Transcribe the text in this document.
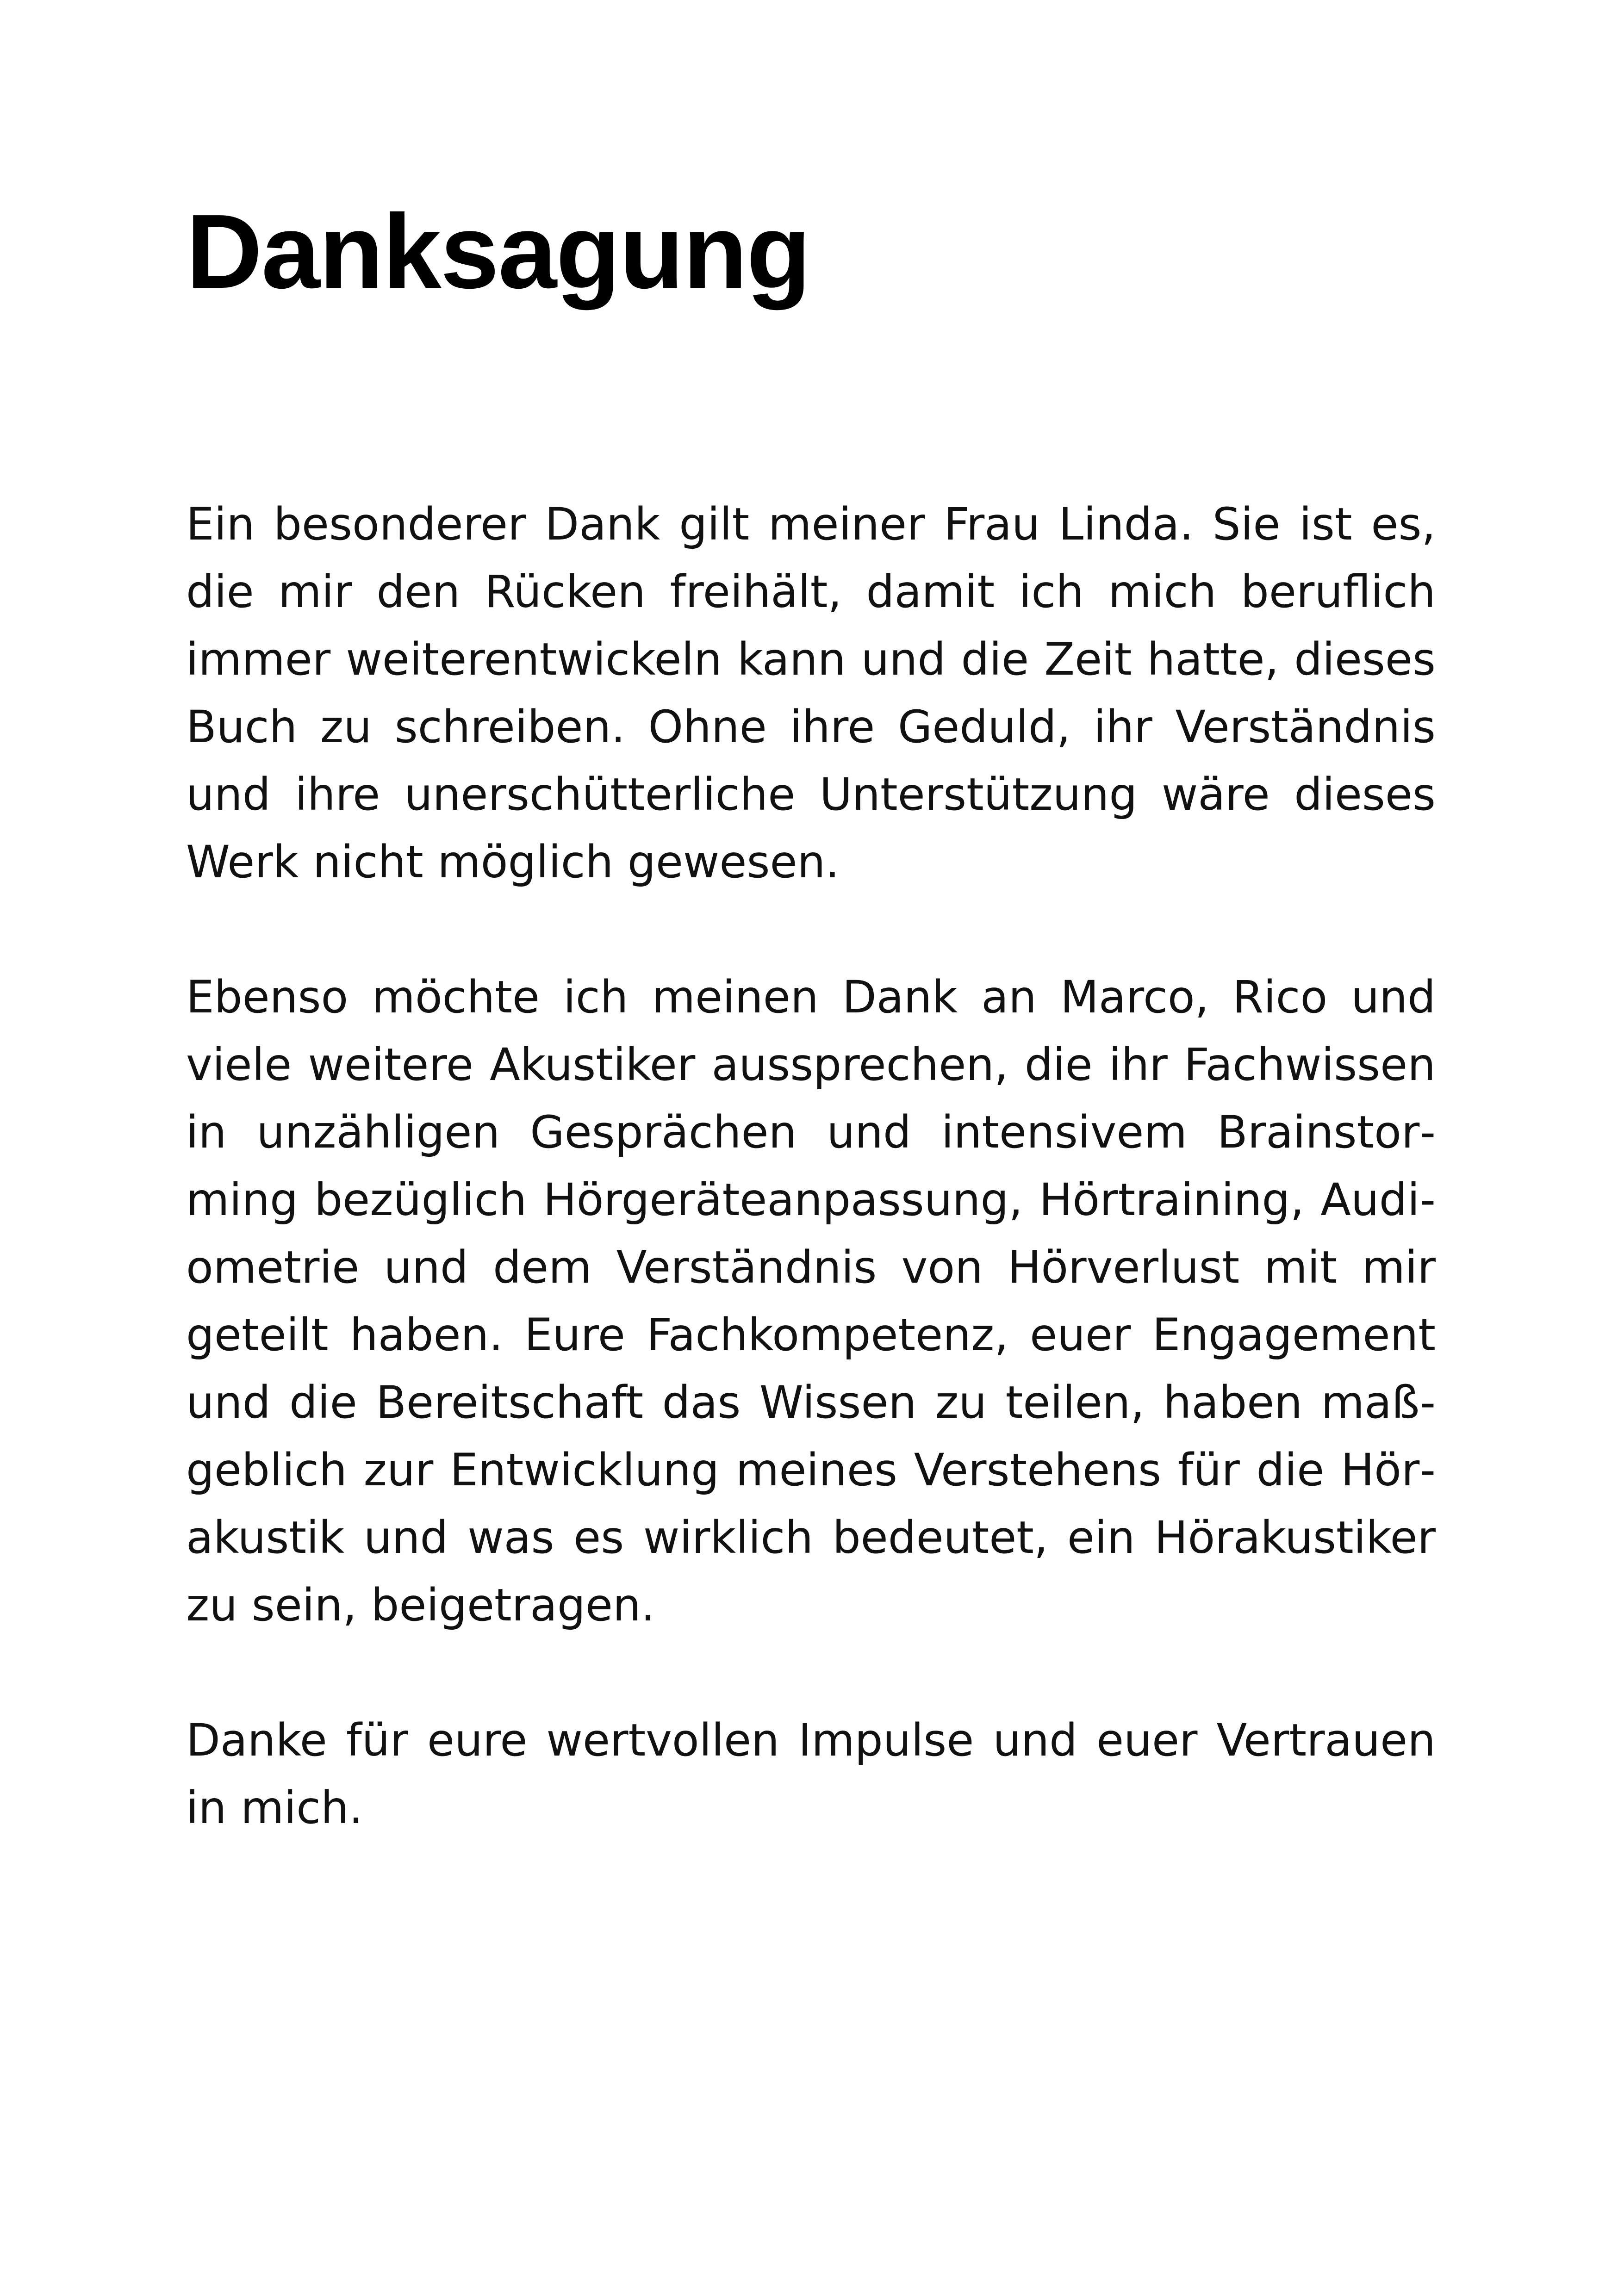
Danksagung

Ein besonderer Dank gilt meiner Frau Linda. Sie ist es, die mir den Rücken freihält, damit ich mich beruflich immer weiterentwickeln kann und die Zeit hatte, dieses Buch zu schreiben. Ohne ihre Geduld, ihr Verständnis und ihre unerschütterliche Unterstützung wäre dieses Werk nicht möglich gewesen.

Ebenso möchte ich meinen Dank an Marco, Rico und viele weitere Akustiker aussprechen, die ihr Fachwissen in unzähligen Gesprächen und intensivem Brainstorming bezüglich Hörgeräteanpassung, Hörtraining, Audiometrie und dem Verständnis von Hörverlust mit mir geteilt haben. Eure Fachkompetenz, euer Engagement und die Bereitschaft das Wissen zu teilen, haben maßgeblich zur Entwicklung meines Verstehens für die Hörakustik und was es wirklich bedeutet, ein Hörakustiker zu sein, beigetragen.

Danke für eure wertvollen Impulse und euer Vertrauen in mich.
